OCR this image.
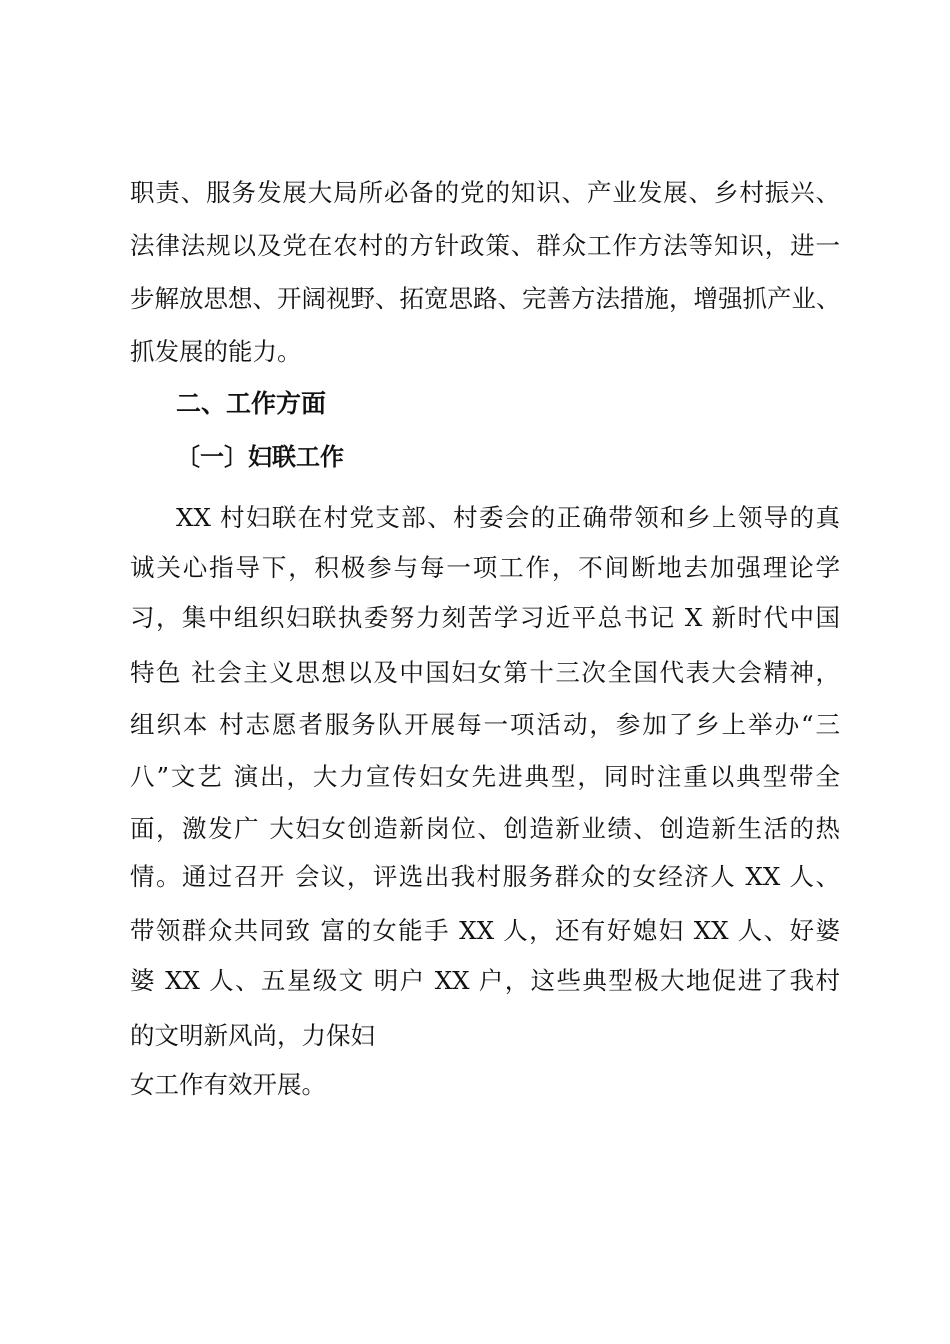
职责、服务发展大局所必备的党的知识、产业发展、乡村振兴、
法律法规以及党在农村的方针政策、群众工作方法等知识，进一
步解放思想、开阔视野、拓宽思路、完善方法措施，增强抓产业、
抓发展的能力。
二、工作方面
〔一〕妇联工作
XX 村妇联在村党支部、村委会的正确带领和乡上领导的真
诚关心指导下，积极参与每一项工作，不间断地去加强理论学
习，集中组织妇联执委努力刻苦学习近平总书记 X 新时代中国
特色 社会主义思想以及中国妇女第十三次全国代表大会精神，
组织本 村志愿者服务队开展每一项活动，参加了乡上举办“三
八”文艺 演出，大力宣传妇女先进典型，同时注重以典型带全
面，激发广 大妇女创造新岗位、创造新业绩、创造新生活的热
情。通过召开 会议，评选出我村服务群众的女经济人 XX 人、
带领群众共同致 富的女能手 XX 人，还有好媳妇 XX 人、好婆
婆 XX 人、五星级文 明户 XX 户，这些典型极大地促进了我村
的文明新风尚，力保妇
女工作有效开展。
